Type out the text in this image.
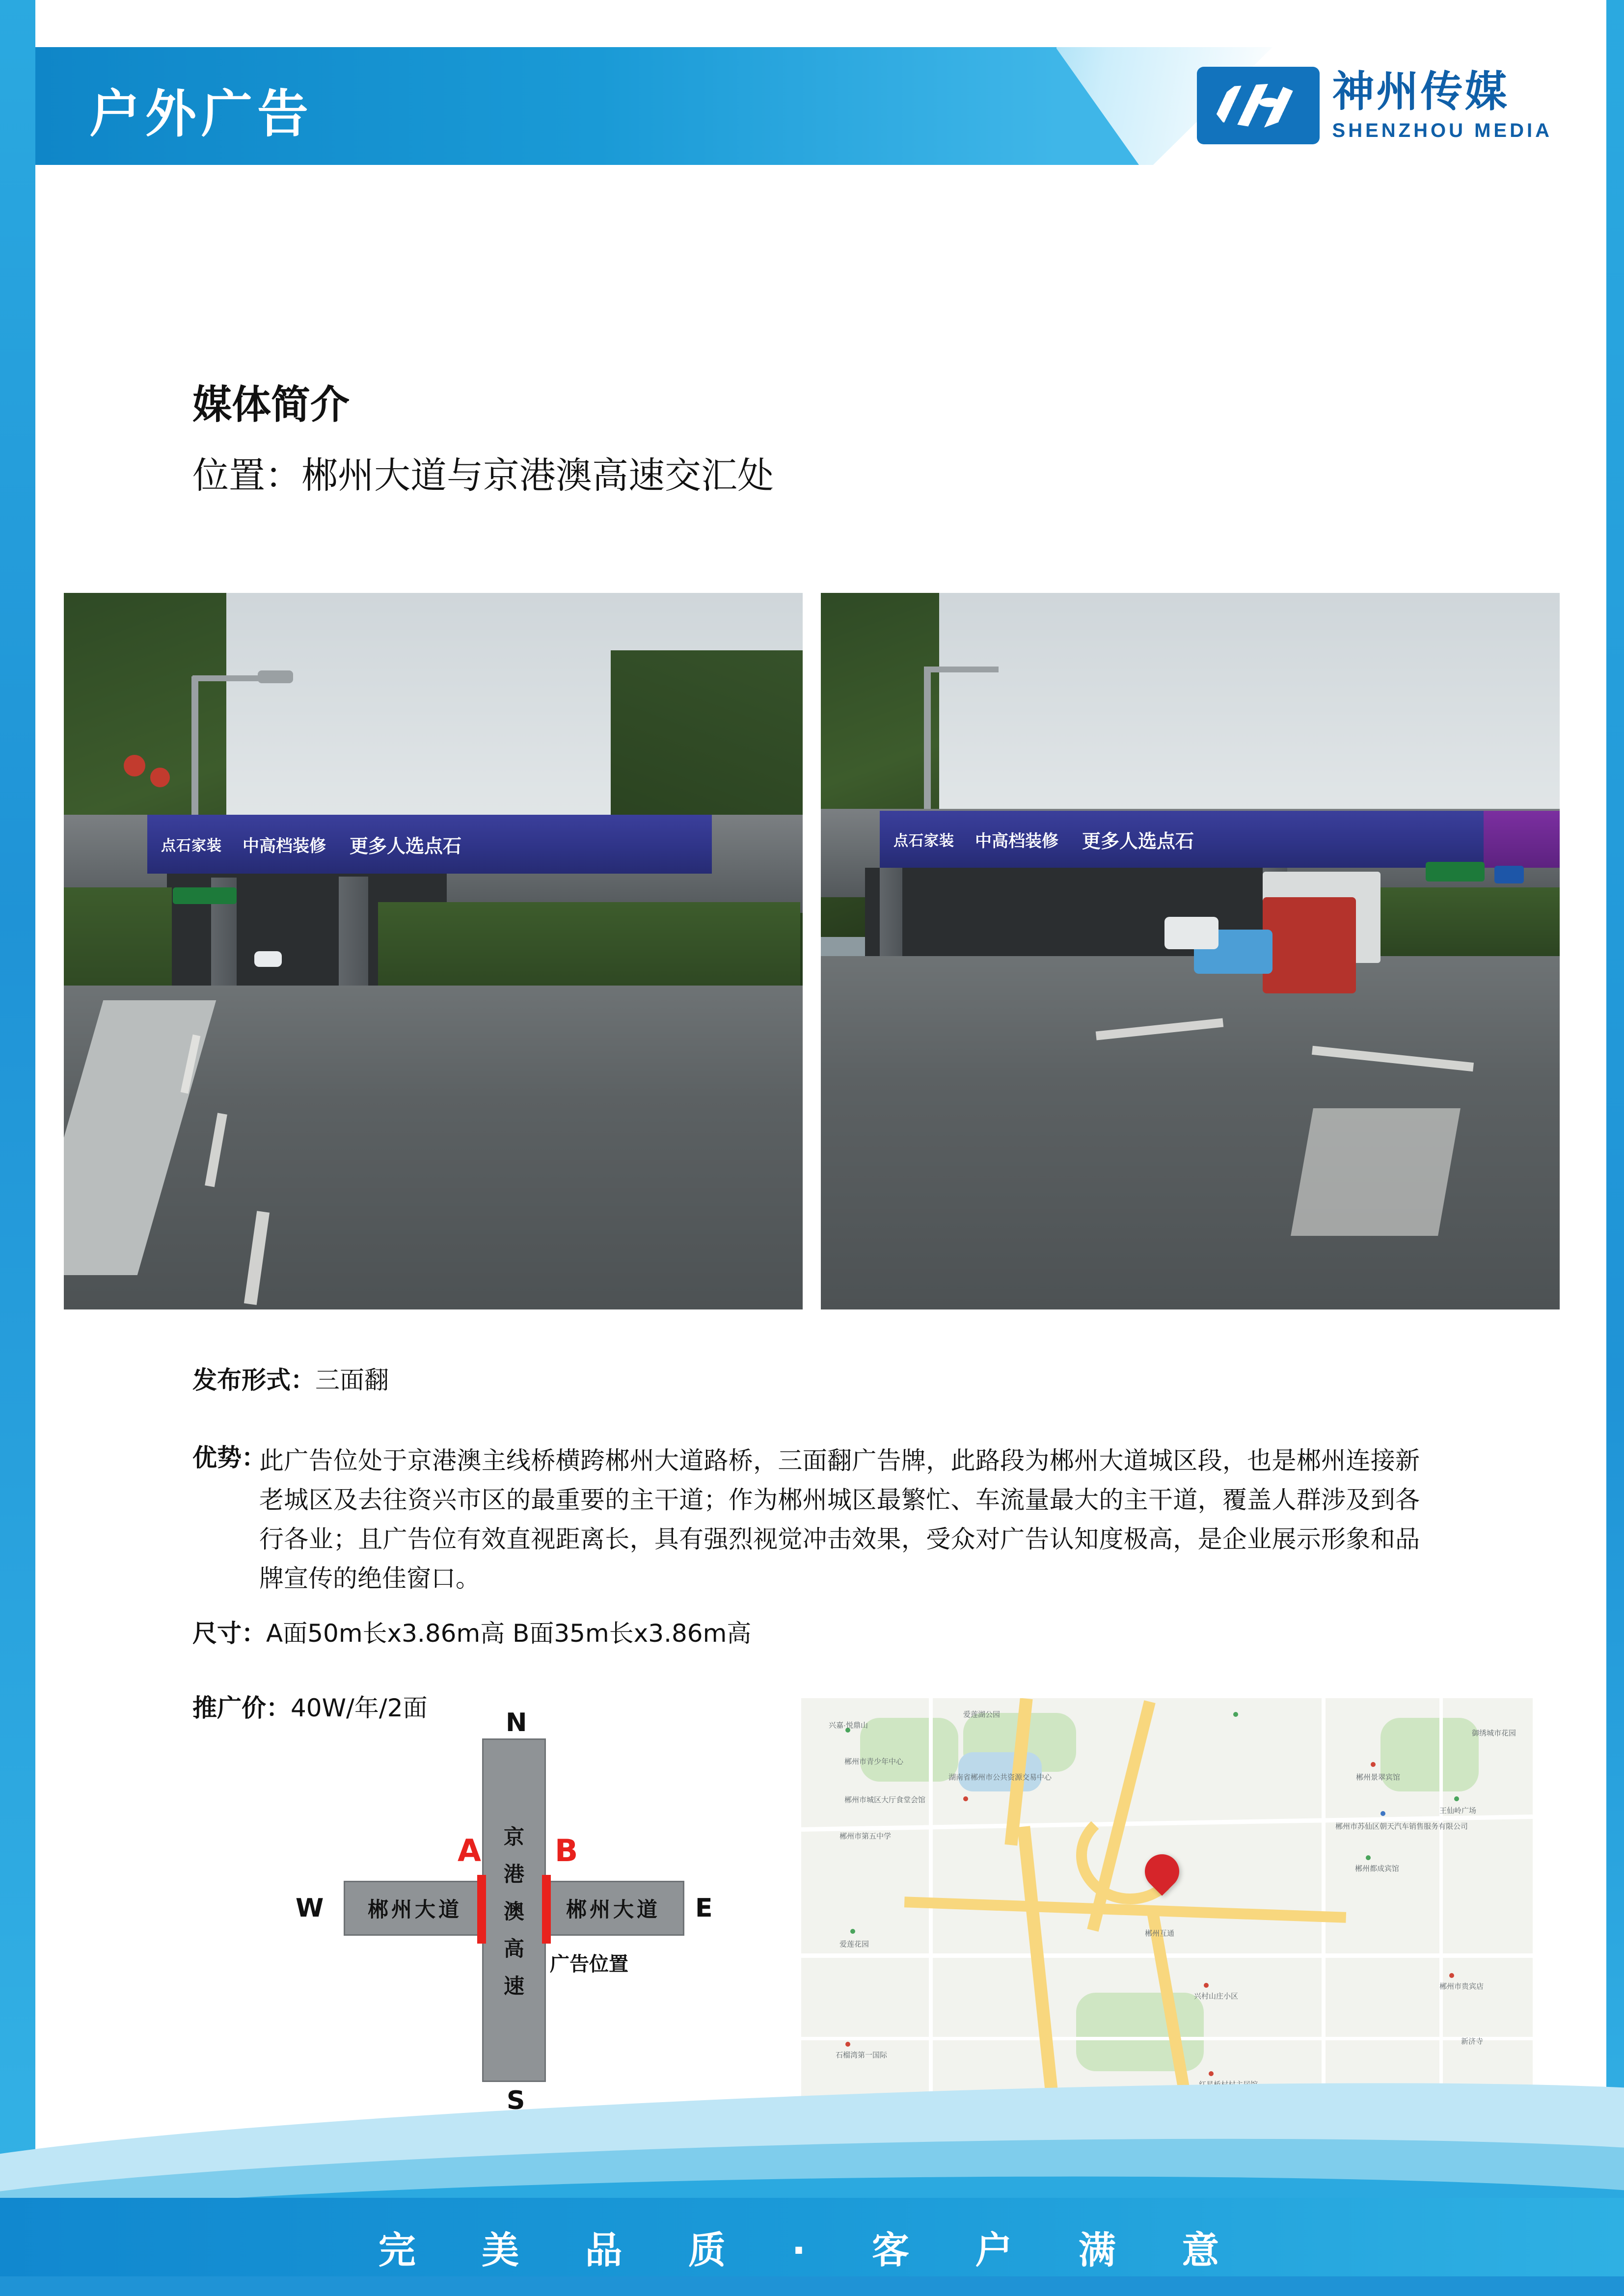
户外广告	神州传媒
SHENZHOU MEDIA
媒体简介
位置：郴州大道与京港澳高速交汇处
点石家装 中高档装修 更多人选点石	点石家装 中高档装修 更多人选点石
发布形式：三面翻
优势：
此广告位处于京港澳主线桥横跨郴州大道路桥，三面翻广告牌，此路段为郴州大道城区段，也是郴州连接新老城区及去往资兴市区的最重要的主干道；作为郴州城区最繁忙、车流量最大的主干道，覆盖人群涉及到各行各业；且广告位有效直视距离长，具有强烈视觉冲击效果，受众对广告认知度极高，是企业展示形象和品牌宣传的绝佳窗口。
尺寸：A面50m长x3.86m高 B面35m长x3.86m高
推广价：40W/年/2面	N
S
W	E
京
港
澳
高
速
郴州大道	郴州大道
A B
广告位置
兴嘉·悦鼎山
爱莲湖公园
郴州市城区大厅食堂会馆
郴州市青少年中心
郴州市第五中学
湖南省郴州市公共资源交易中心	郴州景翠宾馆
郴州市苏仙区朝天汽车销售服务有限公司
郴州都成宾馆
王仙岭广场
郴州互通
兴村山庄小区
爱莲花园
石榴湾第一国际
郴州市贵宾店
御绣城市花园
新济寺
完 美 品 质 · 客 户 满 意
